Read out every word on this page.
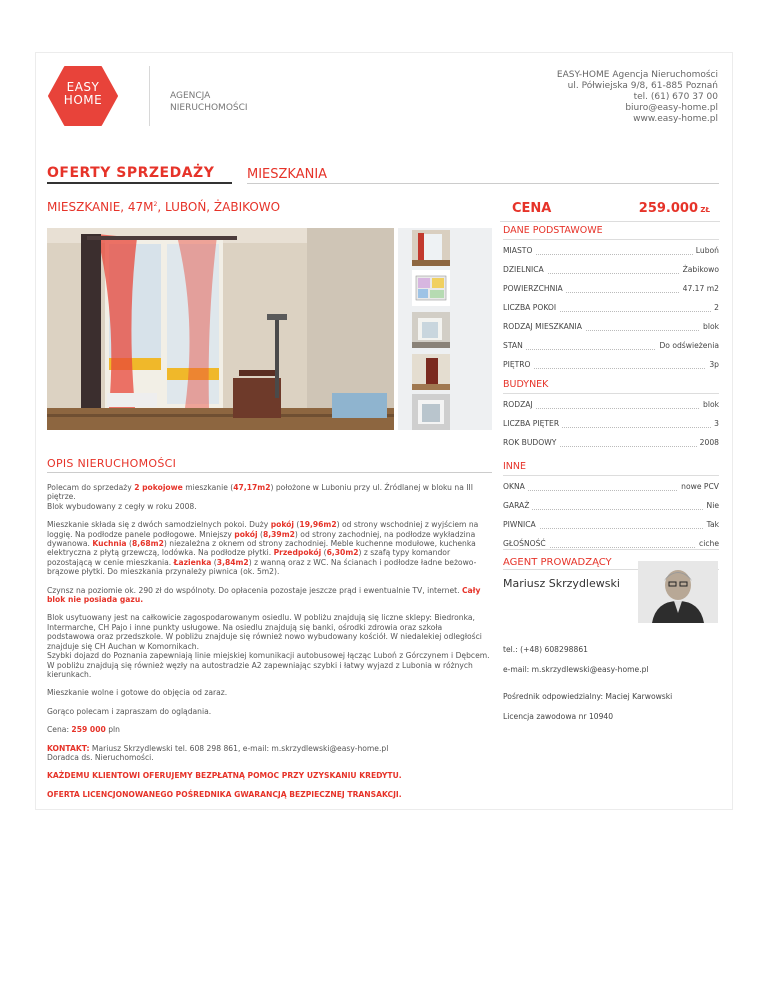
EASY
HOME	AGENCJA
NIERUCHOMOŚCI
EASY-HOME Agencja Nieruchomości
ul. Półwiejska 9/8, 61-885 Poznań
tel. (61) 670 37 00
biuro@easy-home.pl
www.easy-home.pl
OFERTY SPRZEDAŻY	MIESZKANIA
MIESZKANIE, $47M^2$, LUBOŃ, ŻABIKOWO	CENA	259.000 ZŁ
OPIS NIERUCHOMOŚCI

Polecam do sprzedaży 2 pokojowe mieszkanie (47,17m2) położone w Luboniu przy ul. Źródlanej w bloku na III piętrze.
Blok wybudowany z cegły w roku 2008.

Mieszkanie składa się z dwóch samodzielnych pokoi. Duży pokój (19,96m2) od strony wschodniej z wyjściem na loggię. Na podłodze panele podłogowe. Mniejszy pokój (8,39m2) od strony zachodniej, na podłodze wykładzina dywanowa. Kuchnia (8,68m2) niezależna z oknem od strony zachodniej. Meble kuchenne modułowe, kuchenka elektryczna z płytą grzewczą, lodówka. Na podłodze płytki. Przedpokój (6,30m2) z szafą typy komandor pozostającą w cenie mieszkania. Łazienka (3,84m2) z wanną oraz z WC. Na ścianach i podłodze ładne beżowo-brązowe płytki. Do mieszkania przynależy piwnica (ok. 5m2).

Czynsz na poziomie ok. 290 zł do wspólnoty. Do opłacenia pozostaje jeszcze prąd i ewentualnie TV, internet. Cały blok nie posiada gazu.

Blok usytuowany jest na całkowicie zagospodarowanym osiedlu. W pobliżu znajdują się liczne sklepy: Biedronka, Intermarche, CH Pajo i inne punkty usługowe. Na osiedlu znajdują się banki, ośrodki zdrowia oraz szkoła podstawowa oraz przedszkole. W pobliżu znajduje się również nowo wybudowany kościół. W niedalekiej odległości znajduje się CH Auchan w Komornikach.
Szybki dojazd do Poznania zapewniają linie miejskiej komunikacji autobusowej łącząc Luboń z Górczynem i Dębcem. W pobliżu znajdują się również węzły na autostradzie A2 zapewniając szybki i łatwy wyjazd z Lubonia w różnych kierunkach.

Mieszkanie wolne i gotowe do objęcia od zaraz.

Gorąco polecam i zapraszam do oglądania.

Cena: 259 000 pln

KONTAKT: Mariusz Skrzydlewski tel. 608 298 861, e-mail: m.skrzydlewski@easy-home.pl
Doradca ds. Nieruchomości.

KAŻDEMU KLIENTOWI OFERUJEMY BEZPŁATNĄ POMOC PRZY UZYSKANIU KREDYTU.

OFERTA LICENCJONOWANEGO POŚREDNIKA GWARANCJĄ BEZPIECZNEJ TRANSAKCJI.

DANE PODSTAWOWE
MIASTO	Luboń
DZIELNICA	Żabikowo
POWIERZCHNIA	47.17 m2
LICZBA POKOI	2
RODZAJ MIESZKANIA	blok
STAN	Do odświeżenia
PIĘTRO	3p
BUDYNEK
RODZAJ	blok
LICZBA PIĘTER	3
ROK BUDOWY	2008
INNE
OKNA	nowe PCV
GARAŻ	Nie
PIWNICA	Tak
GŁOŚNOŚĆ	ciche
AGENT PROWADZĄCY
Mariusz Skrzydlewski
tel.: (+48) 608298861
e-mail: m.skrzydlewski@easy-home.pl
Pośrednik odpowiedzialny: Maciej Karwowski
Licencja zawodowa nr 10940
